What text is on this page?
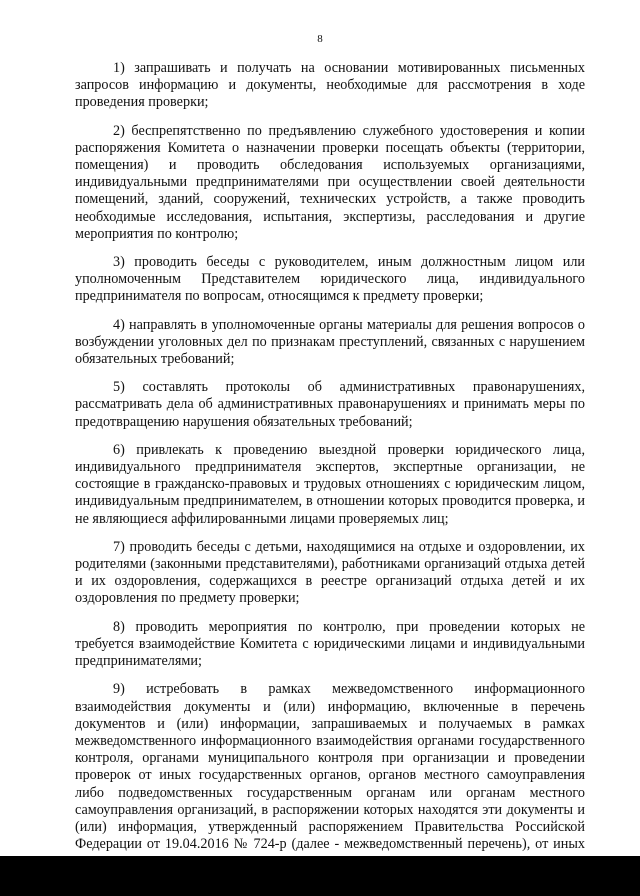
8

1) запрашивать и получать на основании мотивированных письменных запросов информацию и документы, необходимые для рассмотрения в ходе проведения проверки;

2) беспрепятственно по предъявлению служебного удостоверения и копии распоряжения Комитета о назначении проверки посещать объекты (территории, помещения) и проводить обследования используемых организациями, индивидуальными предпринимателями при осуществлении своей деятельности помещений, зданий, сооружений, технических устройств, а также проводить необходимые исследования, испытания, экспертизы, расследования и другие мероприятия по контролю;

3) проводить беседы с руководителем, иным должностным лицом или уполномоченным Представителем юридического лица, индивидуального предпринимателя по вопросам, относящимся к предмету проверки;

4) направлять в уполномоченные органы материалы для решения вопросов о возбуждении уголовных дел по признакам преступлений, связанных с нарушением обязательных требований;

5) составлять протоколы об административных правонарушениях, рассматривать дела об административных правонарушениях и принимать меры по предотвращению нарушения обязательных требований;

6) привлекать к проведению выездной проверки юридического лица, индивидуального предпринимателя экспертов, экспертные организации, не состоящие в гражданско-правовых и трудовых отношениях с юридическим лицом, индивидуальным предпринимателем, в отношении которых проводится проверка, и не являющиеся аффилированными лицами проверяемых лиц;

7) проводить беседы с детьми, находящимися на отдыхе и оздоровлении, их родителями (законными представителями), работниками организаций отдыха детей и их оздоровления, содержащихся в реестре организаций отдыха детей и их оздоровления по предмету проверки;

8) проводить мероприятия по контролю, при проведении которых не требуется взаимодействие Комитета с юридическими лицами и индивидуальными предпринимателями;

9) истребовать в рамках межведомственного информационного взаимодействия документы и (или) информацию, включенные в перечень документов и (или) информации, запрашиваемых и получаемых в рамках межведомственного информационного взаимодействия органами государственного контроля, органами муниципального контроля при организации и проведении проверок от иных государственных органов, органов местного самоуправления либо подведомственных государственным органам или органам местного самоуправления организаций, в распоряжении которых находятся эти документы и (или) информация, утвержденный распоряжением Правительства Российской Федерации от 19.04.2016 № 724-р (далее - межведомственный перечень), от иных
